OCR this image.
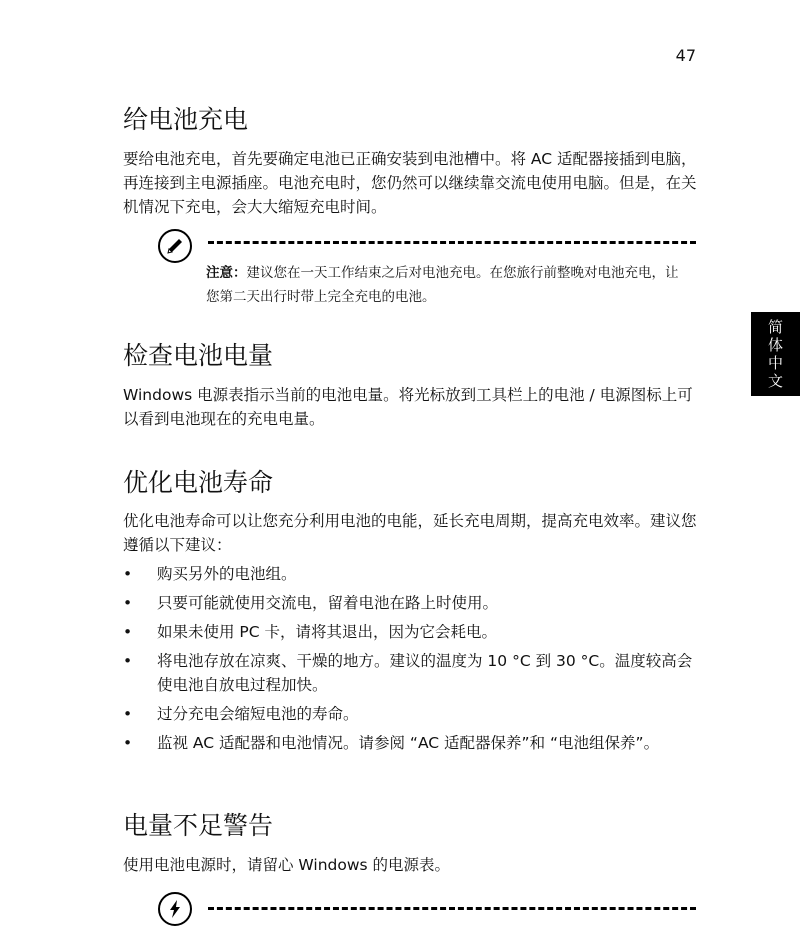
47
简
体
中
文
给电池充电

要给电池充电，首先要确定电池已正确安装到电池槽中。将 AC 适配器接插到电脑，再连接到主电源插座。电池充电时，您仍然可以继续靠交流电使用电脑。但是，在关机情况下充电，会大大缩短充电时间。

注意：建议您在一天工作结束之后对电池充电。在您旅行前整晚对电池充电，让您第二天出行时带上完全充电的电池。

检查电池电量

Windows 电源表指示当前的电池电量。将光标放到工具栏上的电池 / 电源图标上可以看到电池现在的充电电量。

优化电池寿命

优化电池寿命可以让您充分利用电池的电能，延长充电周期，提高充电效率。建议您遵循以下建议：

• 购买另外的电池组。
• 只要可能就使用交流电，留着电池在路上时使用。
• 如果未使用 PC 卡，请将其退出，因为它会耗电。
• 将电池存放在凉爽、干燥的地方。建议的温度为 10 °C 到 30 °C。温度较高会使电池自放电过程加快。
• 过分充电会缩短电池的寿命。
• 监视 AC 适配器和电池情况。请参阅 “AC 适配器保养”和 “电池组保养”。
电量不足警告

使用电池电源时，请留心 Windows 的电源表。
